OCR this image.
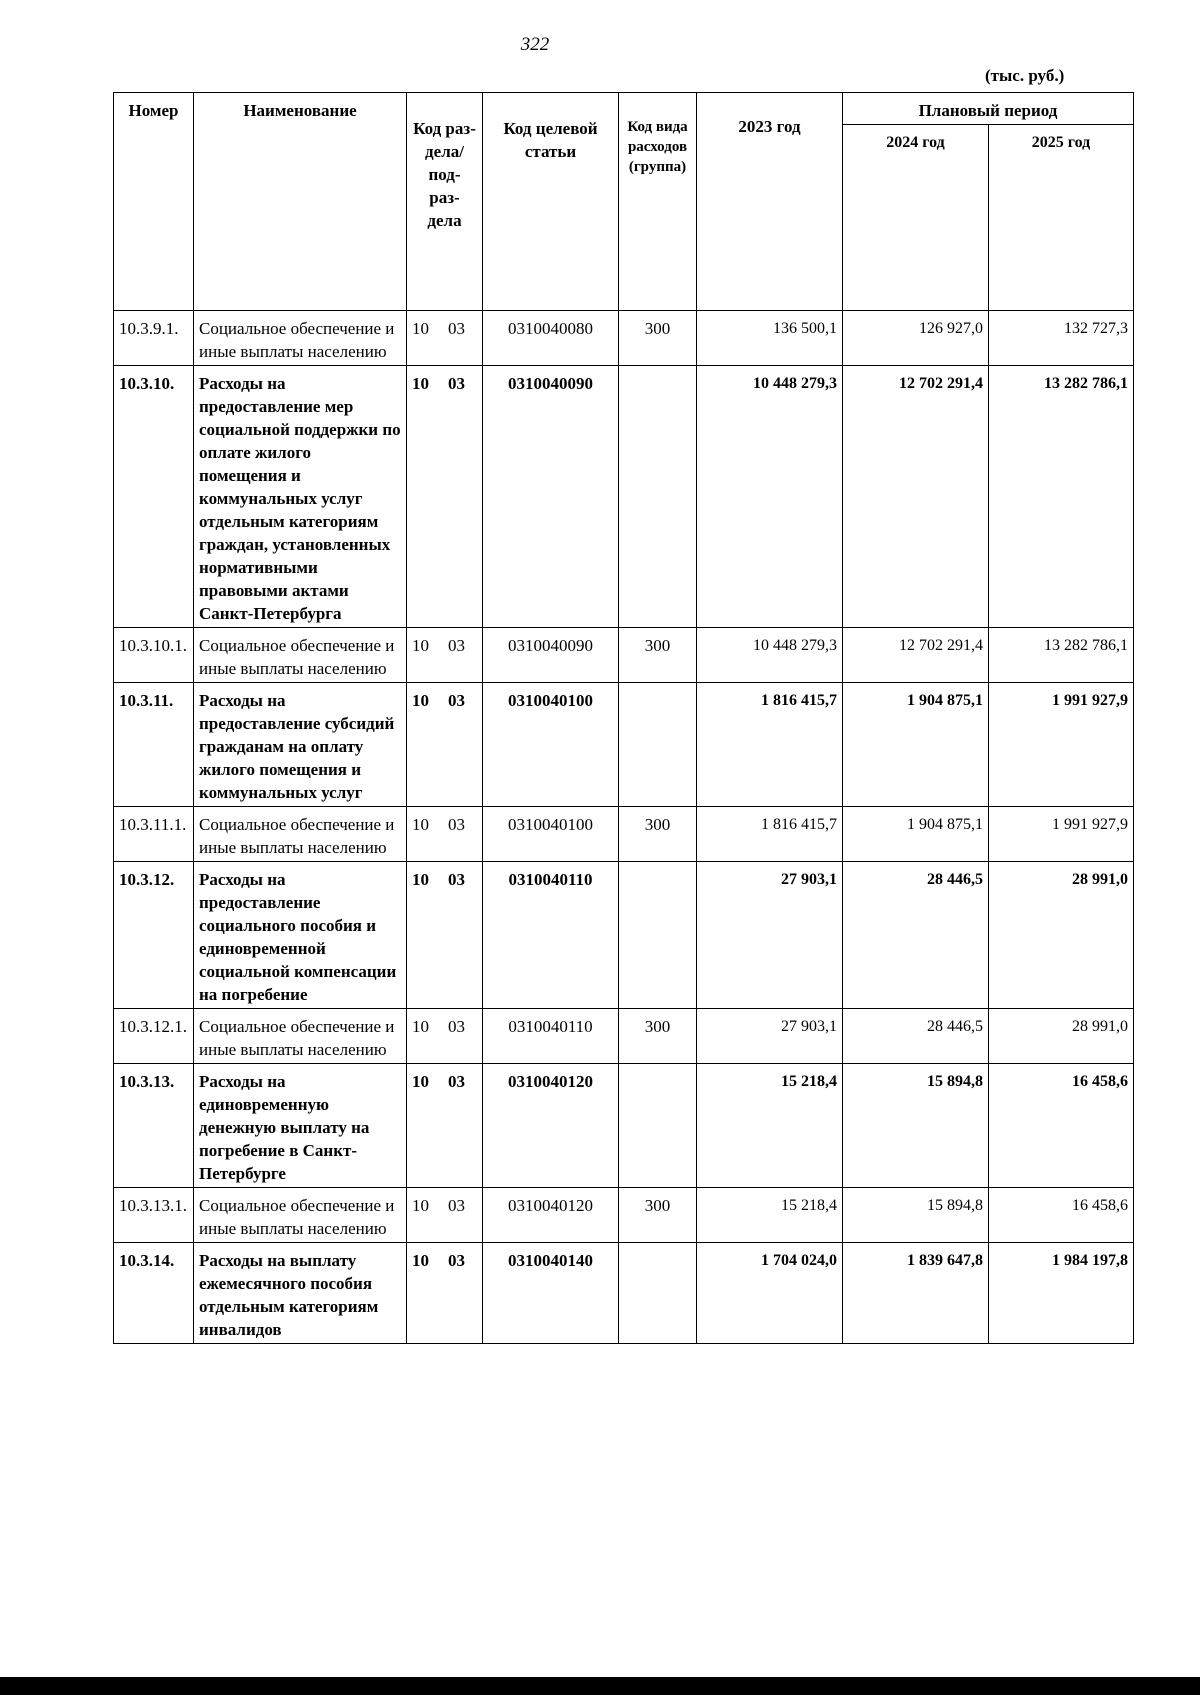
322
(тыс. руб.)
Номер	Наименование	Код раз- дела/ под- раз- дела	Код целевой статьи	Код вида расходов (группа)	2023 год	Плановый период	
						2024 год	2025 год
10.3.9.1.	Социальное обеспечение и иные выплаты населению	10 03	0310040080	300	136 500,1	126 927,0	132 727,3
10.3.10.	Расходы на предоставление мер социальной поддержки по оплате жилого помещения и коммунальных услуг отдельным категориям граждан, установленных нормативными правовыми актами Санкт-Петербурга	10 03	0310040090		10 448 279,3	12 702 291,4	13 282 786,1
10.3.10.1.	Социальное обеспечение и иные выплаты населению	10 03	0310040090	300	10 448 279,3	12 702 291,4	13 282 786,1
10.3.11.	Расходы на предоставление субсидий гражданам на оплату жилого помещения и коммунальных услуг	10 03	0310040100		1 816 415,7	1 904 875,1	1 991 927,9
10.3.11.1.	Социальное обеспечение и иные выплаты населению	10 03	0310040100	300	1 816 415,7	1 904 875,1	1 991 927,9
10.3.12.	Расходы на предоставление социального пособия и единовременной социальной компенсации на погребение	10 03	0310040110		27 903,1	28 446,5	28 991,0
10.3.12.1.	Социальное обеспечение и иные выплаты населению	10 03	0310040110	300	27 903,1	28 446,5	28 991,0
10.3.13.	Расходы на единовременную денежную выплату на погребение в Санкт-Петербурге	10 03	0310040120		15 218,4	15 894,8	16 458,6
10.3.13.1.	Социальное обеспечение и иные выплаты населению	10 03	0310040120	300	15 218,4	15 894,8	16 458,6
10.3.14.	Расходы на выплату ежемесячного пособия отдельным категориям инвалидов	10 03	0310040140		1 704 024,0	1 839 647,8	1 984 197,8
